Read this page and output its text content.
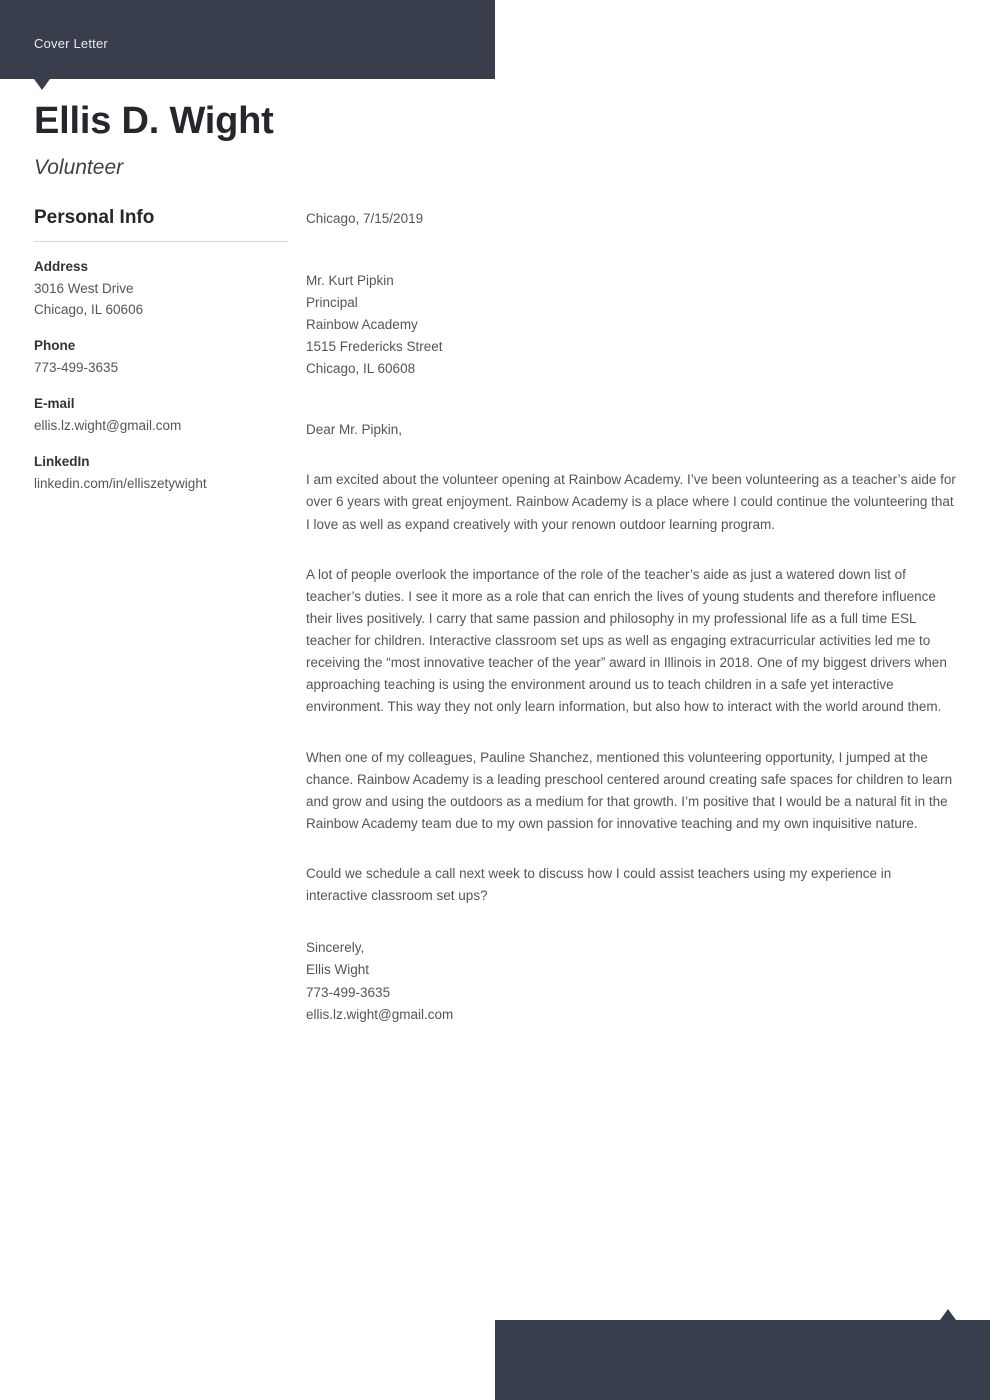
Cover Letter
Ellis D. Wight
Volunteer
Personal Info
Address
3016 West Drive
Chicago, IL 60606
Phone
773-499-3635
E-mail
ellis.lz.wight@gmail.com
LinkedIn
linkedin.com/in/elliszetywight
Chicago, 7/15/2019
Mr. Kurt Pipkin
Principal
Rainbow Academy
1515 Fredericks Street
Chicago, IL 60608
Dear Mr. Pipkin,

I am excited about the volunteer opening at Rainbow Academy. I’ve been volunteering as a teacher’s aide for over 6 years with great enjoyment. Rainbow Academy is a place where I could continue the volunteering that I love as well as expand creatively with your renown outdoor learning program.

A lot of people overlook the importance of the role of the teacher’s aide as just a watered down list of teacher’s duties. I see it more as a role that can enrich the lives of young students and therefore influence their lives positively. I carry that same passion and philosophy in my professional life as a full time ESL teacher for children. Interactive classroom set ups as well as engaging extracurricular activities led me to receiving the “most innovative teacher of the year” award in Illinois in 2018. One of my biggest drivers when approaching teaching is using the environment around us to teach children in a safe yet interactive environment. This way they not only learn information, but also how to interact with the world around them.

When one of my colleagues, Pauline Shanchez, mentioned this volunteering opportunity, I jumped at the chance. Rainbow Academy is a leading preschool centered around creating safe spaces for children to learn and grow and using the outdoors as a medium for that growth. I’m positive that I would be a natural fit in the Rainbow Academy team due to my own passion for innovative teaching and my own inquisitive nature.

Could we schedule a call next week to discuss how I could assist teachers using my experience in interactive classroom set ups?

Sincerely,
Ellis Wight
773-499-3635
ellis.lz.wight@gmail.com
